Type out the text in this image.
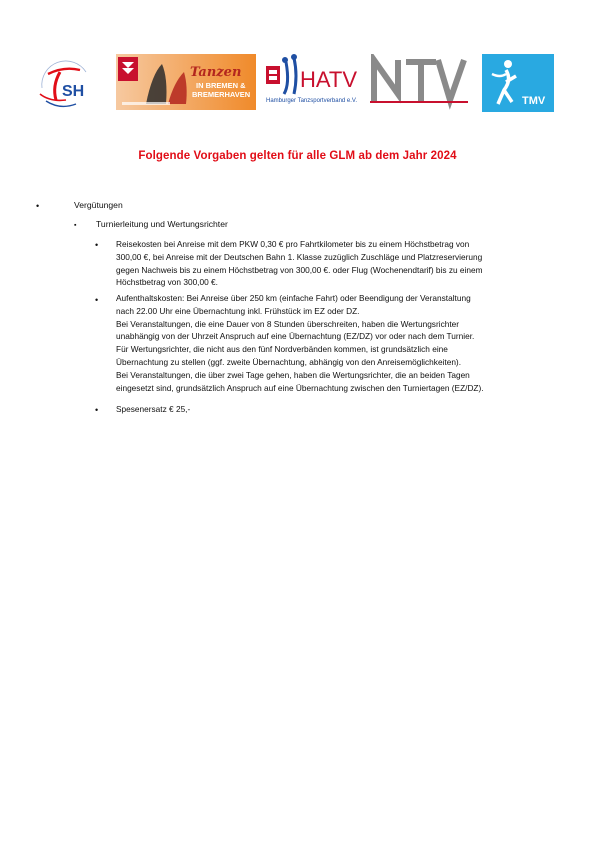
SH
Tanzen
IN BREMEN &
BREMERHAVEN
HATV
Hamburger Tanzsportverband e.V.	TMV
Folgende Vorgaben gelten für alle GLM ab dem Jahr 2024
•	Vergütungen
▪ Turnierleitung und Wertungsrichter
• Reisekosten bei Anreise mit dem PKW 0,30 € pro Fahrtkilometer bis zu einem Höchstbetrag von

300,00 €, bei Anreise mit der Deutschen Bahn 1. Klasse zuzüglich Zuschläge und Platzreservierung

gegen Nachweis bis zu einem Höchstbetrag von 300,00 €. oder Flug (Wochenendtarif) bis zu einem

Höchstbetrag von 300,00 €.

• Aufenthaltskosten: Bei Anreise über 250 km (einfache Fahrt) oder Beendigung der Veranstaltung

nach 22.00 Uhr eine Übernachtung inkl. Frühstück im EZ oder DZ.

Bei Veranstaltungen, die eine Dauer von 8 Stunden überschreiten, haben die Wertungsrichter

unabhängig von der Uhrzeit Anspruch auf eine Übernachtung (EZ/DZ) vor oder nach dem Turnier.

Für Wertungsrichter, die nicht aus den fünf Nordverbänden kommen, ist grundsätzlich eine

Übernachtung zu stellen (ggf. zweite Übernachtung, abhängig von den Anreisemöglichkeiten).

Bei Veranstaltungen, die über zwei Tage gehen, haben die Wertungsrichter, die an beiden Tagen

eingesetzt sind, grundsätzlich Anspruch auf eine Übernachtung zwischen den Turniertagen (EZ/DZ).

• Spesenersatz € 25,-
